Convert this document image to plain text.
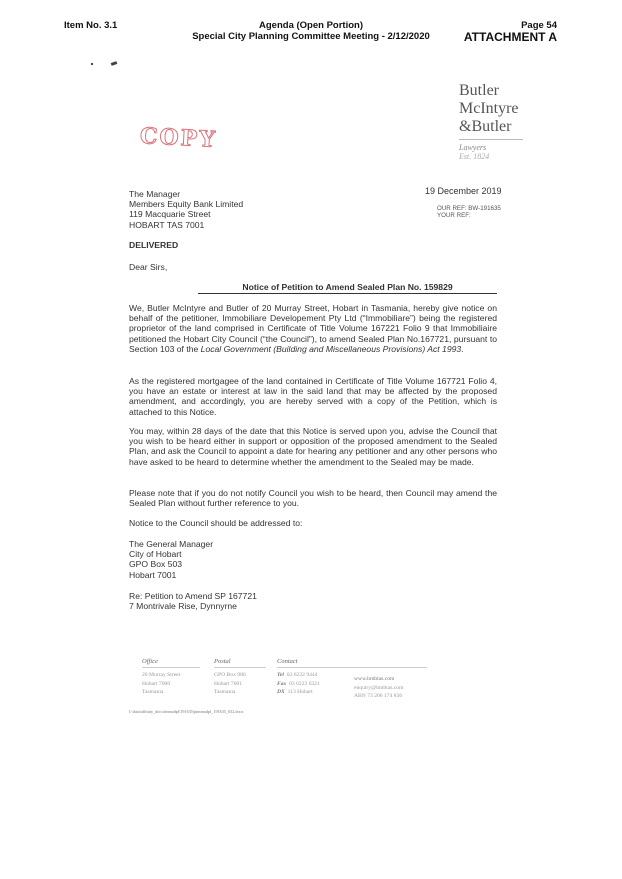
Item No. 3.1	Agenda (Open Portion)
Special City Planning Committee Meeting - 2/12/2020
Page 54
ATTACHMENT A
COPY
Butler
McIntyre
&Butler
Lawyers
Est. 1824
19 December 2019
OUR REF: BW-191635
YOUR REF:
The Manager
Members Equity Bank Limited
119 Macquarie Street
HOBART TAS 7001
DELIVERED
Dear Sirs,
Notice of Petition to Amend Sealed Plan No. 159829
We, Butler McIntyre and Butler of 20 Murray Street, Hobart in Tasmania, hereby give notice on behalf of the petitioner, Immobiliare Developement Pty Ltd (“Immobiliare”) being the registered proprietor of the land comprised in Certificate of Title Volume 167221 Folio 9 that Immobiliaire petitioned the Hobart City Council (“the Council”), to amend Sealed Plan No.167721, pursuant to Section 103 of the Local Government (Building and Miscellaneous Provisions) Act 1993.
As the registered mortgagee of the land contained in Certificate of Title Volume 167721 Folio 4, you have an estate or interest at law in the said land that may be affected by the proposed amendment, and accordingly, you are hereby served with a copy of the Petition, which is attached to this Notice.
You may, within 28 days of the date that this Notice is served upon you, advise the Council that you wish to be heard either in support or opposition of the proposed amendment to the Sealed Plan, and ask the Council to appoint a date for hearing any petitioner and any other persons who have asked to be heard to determine whether the amendment to the Sealed may be made.
Please note that if you do not notify Council you wish to be heard, then Council may amend the Sealed Plan without further reference to you.
Notice to the Council should be addressed to:
The General Manager
City of Hobart
GPO Box 503
Hobart 7001
Re: Petition to Amend SP 167721
7 Montrivale Rise, Dynnyrne
Office
20 Murray Street
Hobart 7000
Tasmania
Postal
GPO Box 980
Hobart 7001
Tasmania
Contact
Tel 03 6222 9444
Fax 03 6223 6321
DX 113 Hobart
www.bmbtas.com
enquiry@bmbtas.com
ABN 73 206 174 836
I:\data\affinity_docs\immodpl\191635\pimmodpl_191635_032.docx
